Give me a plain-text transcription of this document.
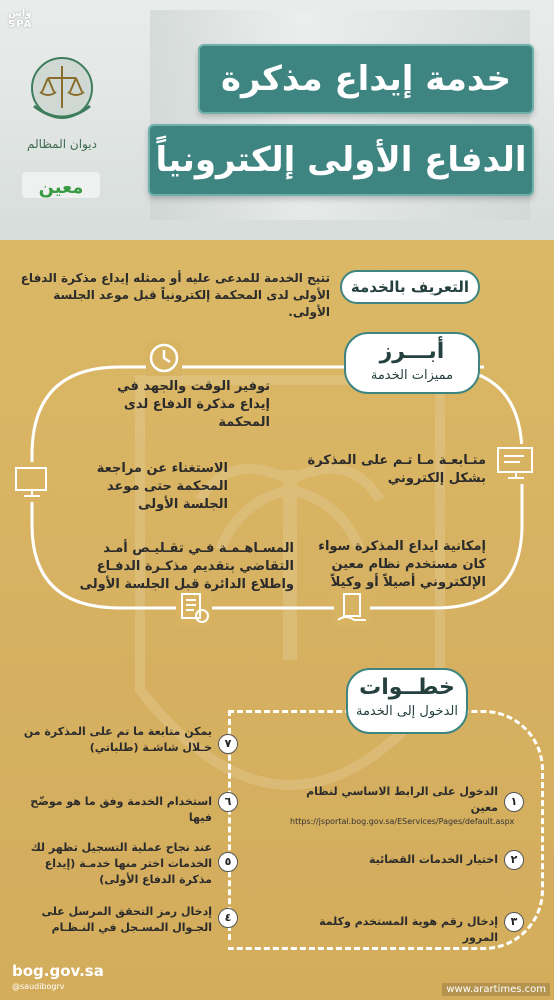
واس
SPA
ديوان المظالم
معين
خدمة إيداع مذكرة
الدفاع الأولى إلكترونياً
التعريف بالخدمة
تتيح الخدمة للمدعى عليه أو ممثله إيداع مذكرة الدفاع الأولى لدى المحكمة إلكترونياً قبل موعد الجلسة الأولى.
أبـــرز
مميزات الخدمة
توفير الوقت والجهد في إيداع مذكرة الدفاع لدى المحكمة
الاستغناء عن مراجعة المحكمة حتى موعد الجلسة الأولى
متـابعـة مـا تـم على المذكرة بشكل إلكتروني
المسـاهـمـة فـي تقـليـص أمـد التقاضي بتقديم مذكـرة الدفـاع واطلاع الدائرة قبل الجلسة الأولى
إمكانية ايداع المذكرة سواء كان مستخدم نظام معين الإلكتروني أصيلاً أو وكيلاً
خطــوات
الدخول إلى الخدمة
١
الدخول على الرابط الاساسي لنظام معين
https://jsportal.bog.gov.sa/EServices/Pages/default.aspx
٢
اختيار الخدمات القضائية
٣
إدخال رقم هوية المستخدم وكلمة المرور
٤
إدخال رمز التحقق المرسل على الجـوال المسـجل في النـظـام
٥
عند نجاح عملية التسجيل تظهر لك الخدمات اختر منها خدمـة (إيداع مذكرة الدفاع الأولى)
٦
استخدام الخدمة وفق ما هو موضّح فيها
٧
يمكن متابعة ما تم على المذكرة من خـلال شاشـة (طلباتي)
bog.gov.sa
@saudibogrv	www.arartimes.com
